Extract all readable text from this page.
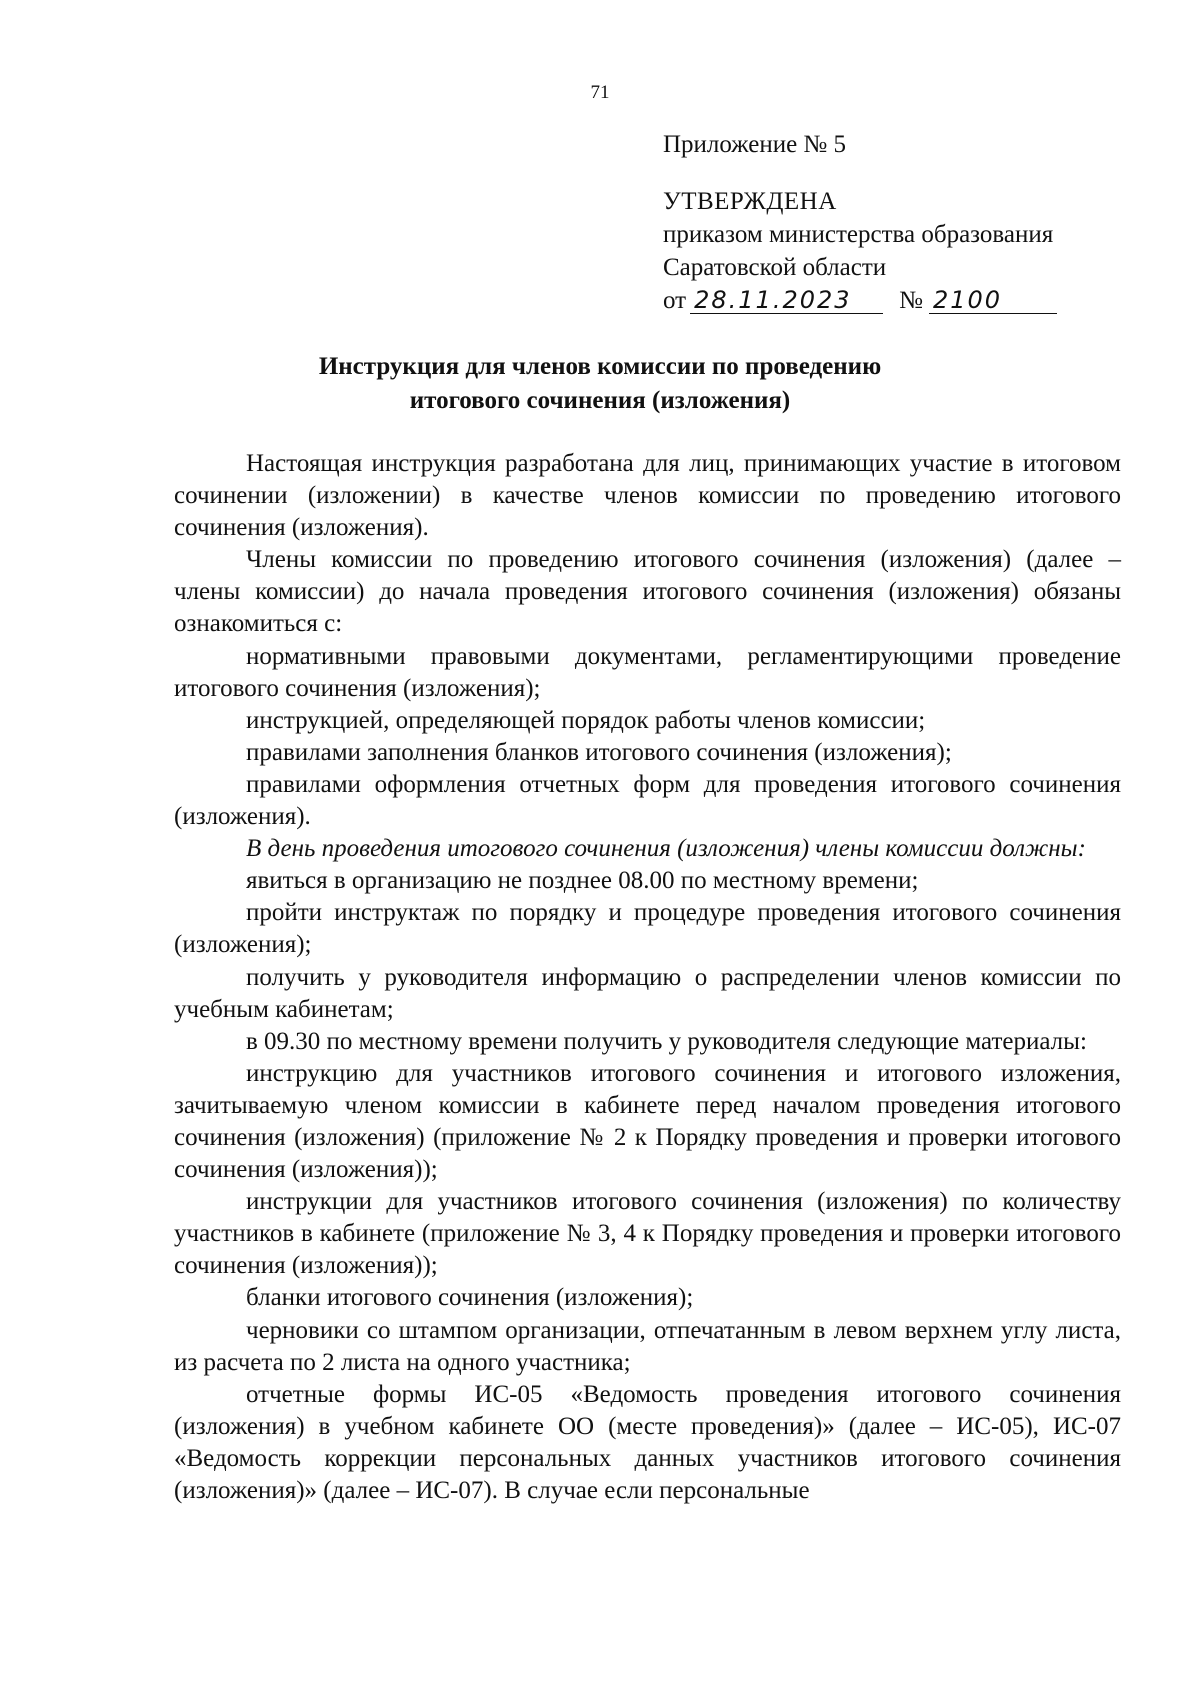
71
Приложение № 5
УТВЕРЖДЕНА
приказом министерства образования
Саратовской области
от 28.11.2023	№ 2100
Инструкция для членов комиссии по проведению
итогового сочинения (изложения)

Настоящая инструкция разработана для лиц, принимающих участие в итоговом сочинении (изложении) в качестве членов комиссии по проведению итогового сочинения (изложения).

Члены комиссии по проведению итогового сочинения (изложения) (далее – члены комиссии) до начала проведения итогового сочинения (изложения) обязаны ознакомиться с:

нормативными правовыми документами, регламентирующими проведение итогового сочинения (изложения);

инструкцией, определяющей порядок работы членов комиссии;

правилами заполнения бланков итогового сочинения (изложения);

правилами оформления отчетных форм для проведения итогового сочинения (изложения).

В день проведения итогового сочинения (изложения) члены комиссии должны:

явиться в организацию не позднее 08.00 по местному времени;

пройти инструктаж по порядку и процедуре проведения итогового сочинения (изложения);

получить у руководителя информацию о распределении членов комиссии по учебным кабинетам;

в 09.30 по местному времени получить у руководителя следующие материалы:

инструкцию для участников итогового сочинения и итогового изложения, зачитываемую членом комиссии в кабинете перед началом проведения итогового сочинения (изложения) (приложение № 2 к Порядку проведения и проверки итогового сочинения (изложения));

инструкции для участников итогового сочинения (изложения) по количеству участников в кабинете (приложение № 3, 4 к Порядку проведения и проверки итогового сочинения (изложения));

бланки итогового сочинения (изложения);

черновики со штампом организации, отпечатанным в левом верхнем углу листа, из расчета по 2 листа на одного участника;

отчетные формы ИС-05 «Ведомость проведения итогового сочинения (изложения) в учебном кабинете ОО (месте проведения)» (далее – ИС-05), ИС-07 «Ведомость коррекции персональных данных участников итогового сочинения (изложения)» (далее – ИС-07). В случае если персональные
